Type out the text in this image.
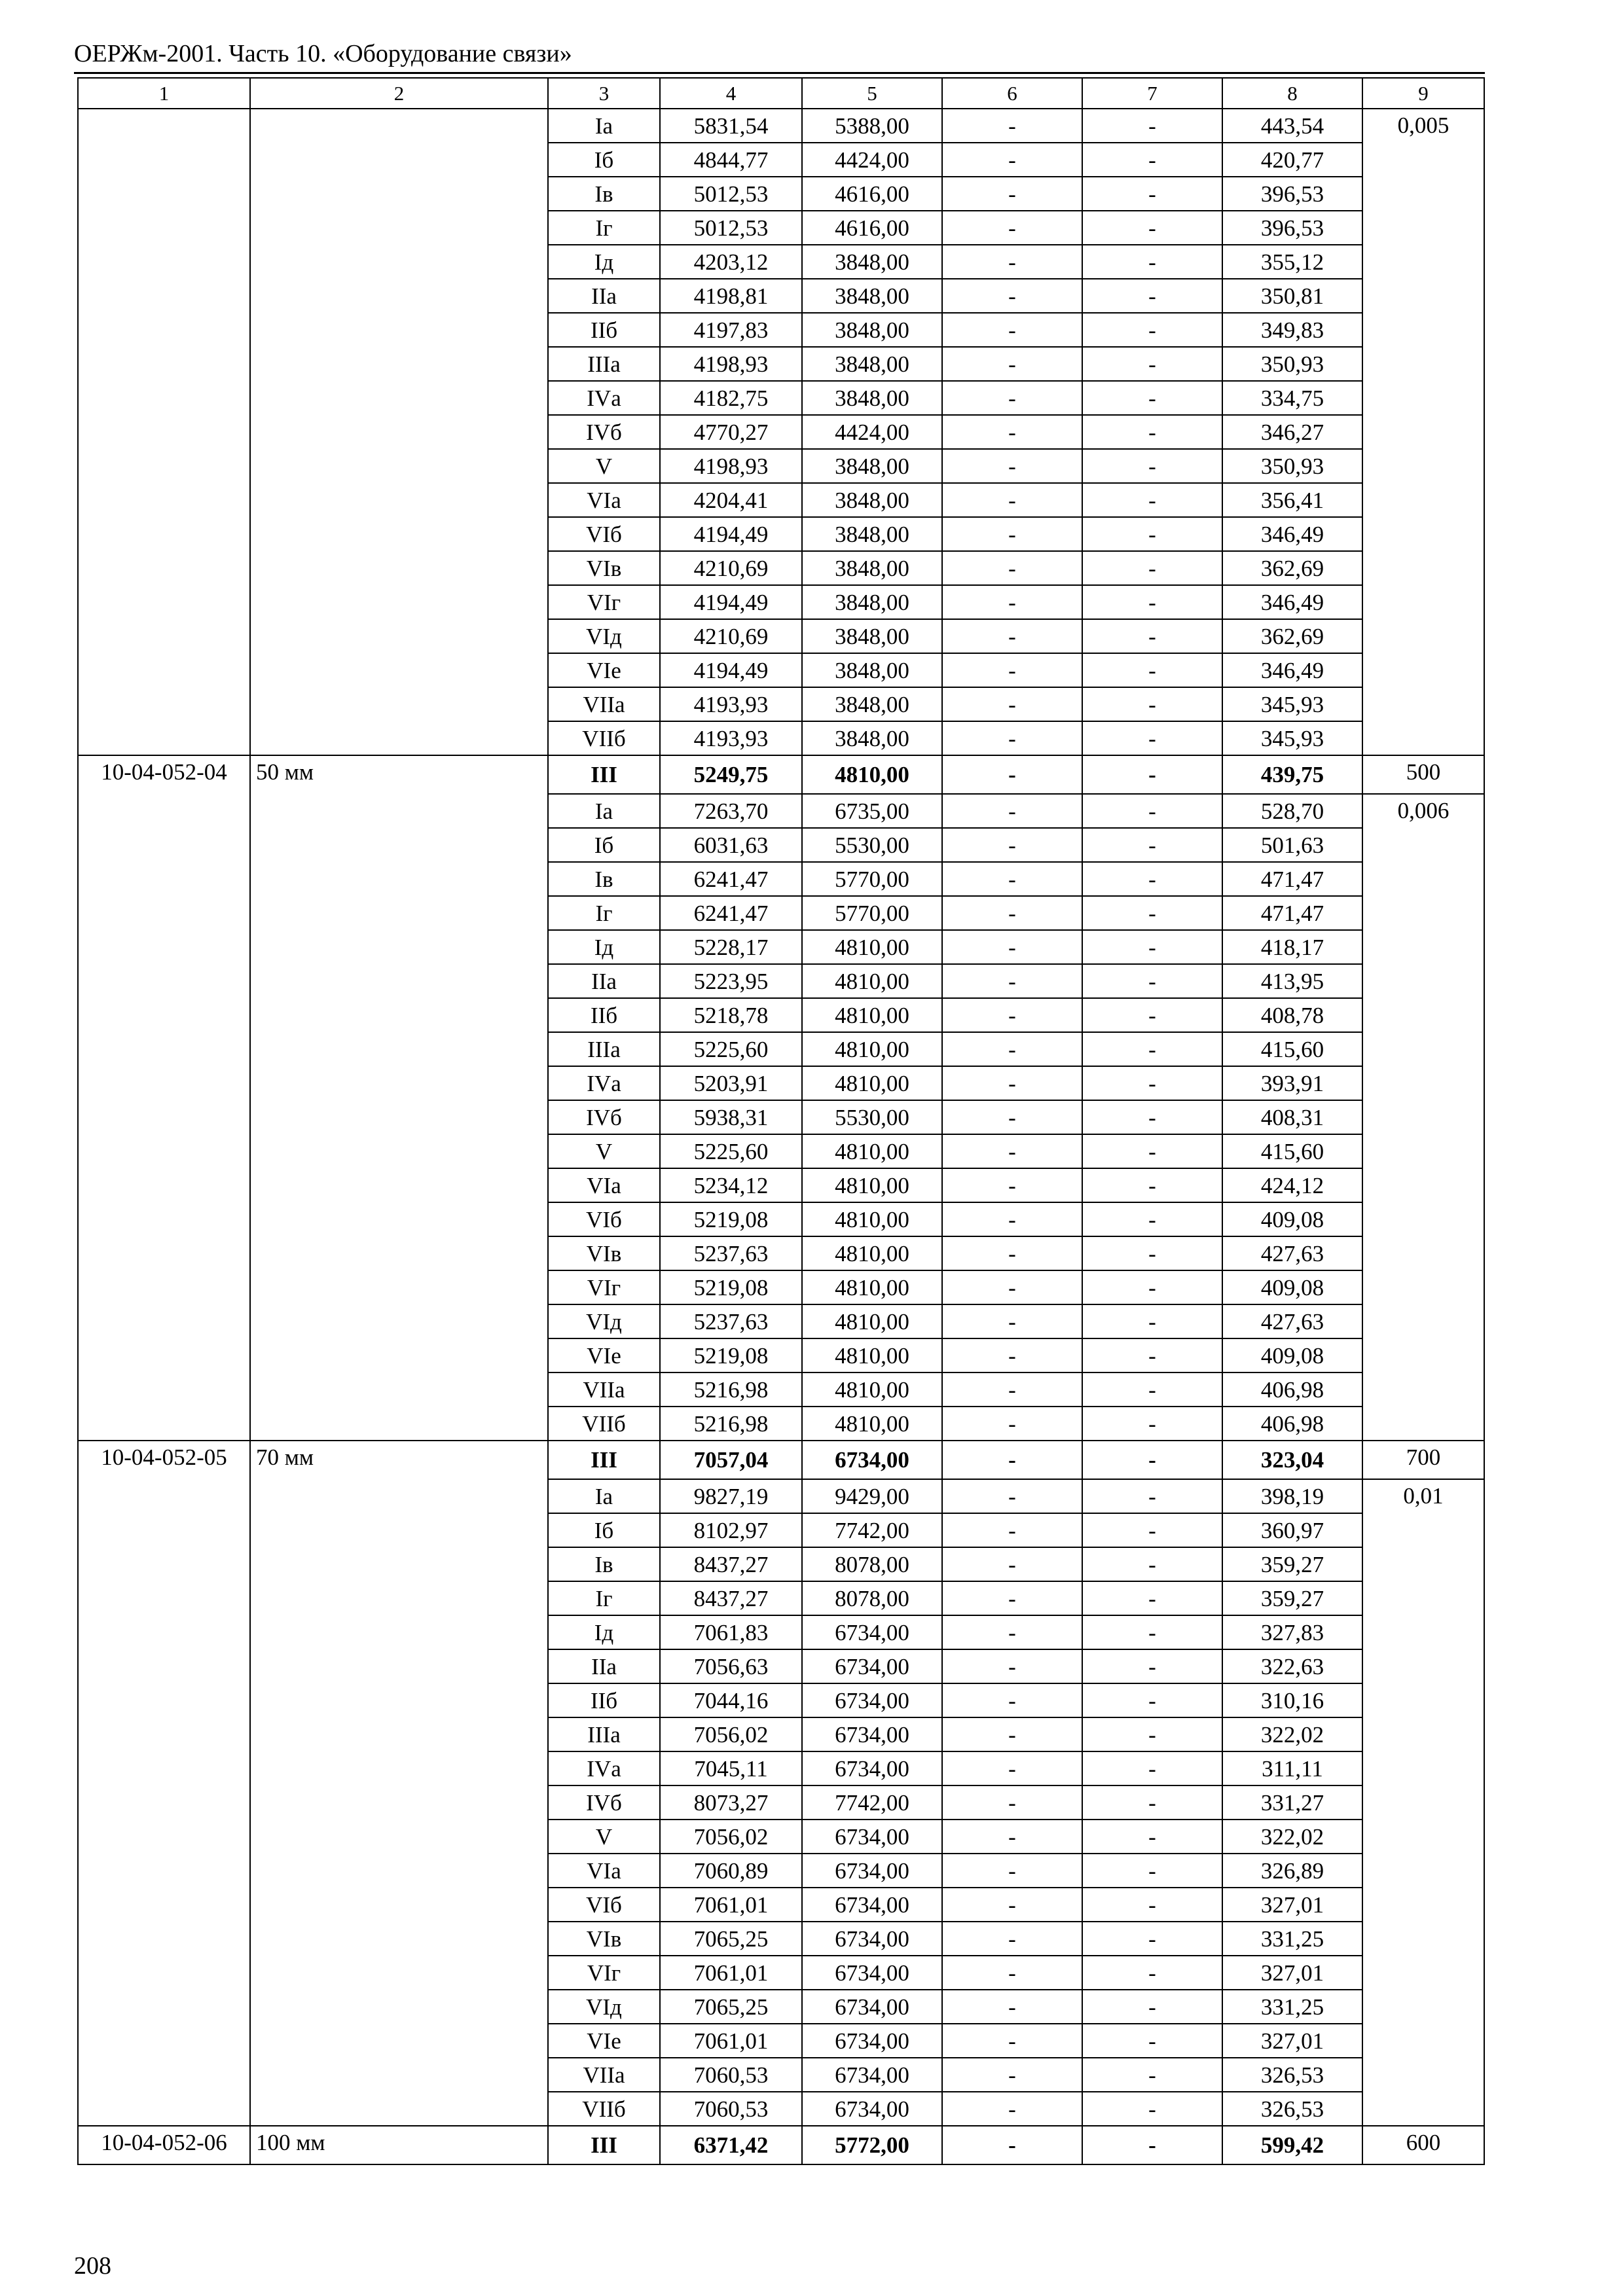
ОЕРЖм-2001. Часть 10. «Оборудование связи»
1	2	3	4	5	6	7	8	9
		Iа	5831,54	5388,00	-	-	443,54	0,005
		Iб	4844,77	4424,00	-	-	420,77	
		Iв	5012,53	4616,00	-	-	396,53	
		Iг	5012,53	4616,00	-	-	396,53	
		Iд	4203,12	3848,00	-	-	355,12	
		IIа	4198,81	3848,00	-	-	350,81	
		IIб	4197,83	3848,00	-	-	349,83	
		IIIа	4198,93	3848,00	-	-	350,93	
		IVа	4182,75	3848,00	-	-	334,75	
		IVб	4770,27	4424,00	-	-	346,27	
		V	4198,93	3848,00	-	-	350,93	
		VIа	4204,41	3848,00	-	-	356,41	
		VIб	4194,49	3848,00	-	-	346,49	
		VIв	4210,69	3848,00	-	-	362,69	
		VIг	4194,49	3848,00	-	-	346,49	
		VIд	4210,69	3848,00	-	-	362,69	
		VIе	4194,49	3848,00	-	-	346,49	
		VIIа	4193,93	3848,00	-	-	345,93	
		VIIб	4193,93	3848,00	-	-	345,93	
10-04-052-04	50 мм	III	5249,75	4810,00	-	-	439,75	500
		Iа	7263,70	6735,00	-	-	528,70	0,006
		Iб	6031,63	5530,00	-	-	501,63	
		Iв	6241,47	5770,00	-	-	471,47	
		Iг	6241,47	5770,00	-	-	471,47	
		Iд	5228,17	4810,00	-	-	418,17	
		IIа	5223,95	4810,00	-	-	413,95	
		IIб	5218,78	4810,00	-	-	408,78	
		IIIа	5225,60	4810,00	-	-	415,60	
		IVа	5203,91	4810,00	-	-	393,91	
		IVб	5938,31	5530,00	-	-	408,31	
		V	5225,60	4810,00	-	-	415,60	
		VIа	5234,12	4810,00	-	-	424,12	
		VIб	5219,08	4810,00	-	-	409,08	
		VIв	5237,63	4810,00	-	-	427,63	
		VIг	5219,08	4810,00	-	-	409,08	
		VIд	5237,63	4810,00	-	-	427,63	
		VIе	5219,08	4810,00	-	-	409,08	
		VIIа	5216,98	4810,00	-	-	406,98	
		VIIб	5216,98	4810,00	-	-	406,98	
10-04-052-05	70 мм	III	7057,04	6734,00	-	-	323,04	700
		Iа	9827,19	9429,00	-	-	398,19	0,01
		Iб	8102,97	7742,00	-	-	360,97	
		Iв	8437,27	8078,00	-	-	359,27	
		Iг	8437,27	8078,00	-	-	359,27	
		Iд	7061,83	6734,00	-	-	327,83	
		IIа	7056,63	6734,00	-	-	322,63	
		IIб	7044,16	6734,00	-	-	310,16	
		IIIа	7056,02	6734,00	-	-	322,02	
		IVа	7045,11	6734,00	-	-	311,11	
		IVб	8073,27	7742,00	-	-	331,27	
		V	7056,02	6734,00	-	-	322,02	
		VIа	7060,89	6734,00	-	-	326,89	
		VIб	7061,01	6734,00	-	-	327,01	
		VIв	7065,25	6734,00	-	-	331,25	
		VIг	7061,01	6734,00	-	-	327,01	
		VIд	7065,25	6734,00	-	-	331,25	
		VIе	7061,01	6734,00	-	-	327,01	
		VIIа	7060,53	6734,00	-	-	326,53	
		VIIб	7060,53	6734,00	-	-	326,53	
10-04-052-06	100 мм	III	6371,42	5772,00	-	-	599,42	600
208
